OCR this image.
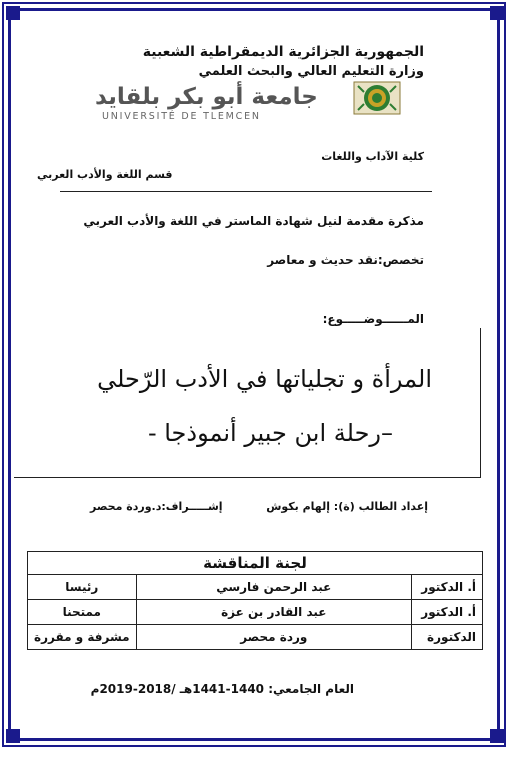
الجمهورية الجزائرية الديمقراطية الشعبية
وزارة التعليم العالي والبحث العلمي
جامعة أبو بكر بلقايد
UNIVERSITÉ DE TLEMCEN
كلية الآداب واللغات
قسم اللغة والأدب العربي
مذكرة مقدمة لنيل شهادة الماستر في اللغة والأدب العربي
تخصص:نقد حديث و معاصر
المــــــوضـــــوع:
المرأة و تجلياتها في الأدب الرّحلي
–رحلة ابن جبير أنموذجا -
إعداد الطالب (ة): إلهام بكوش
إشـــــراف:د.وردة محصر
لجنة المناقشة		
أ. الدكتور	عبد الرحمن فارسي	رئيسا
أ. الدكتور	عبد القادر بن عزة	ممتحنا
الدكتورة	وردة محصر	مشرفة و مقررة
العام الجامعي: 1440-1441هـ /2018-2019م
